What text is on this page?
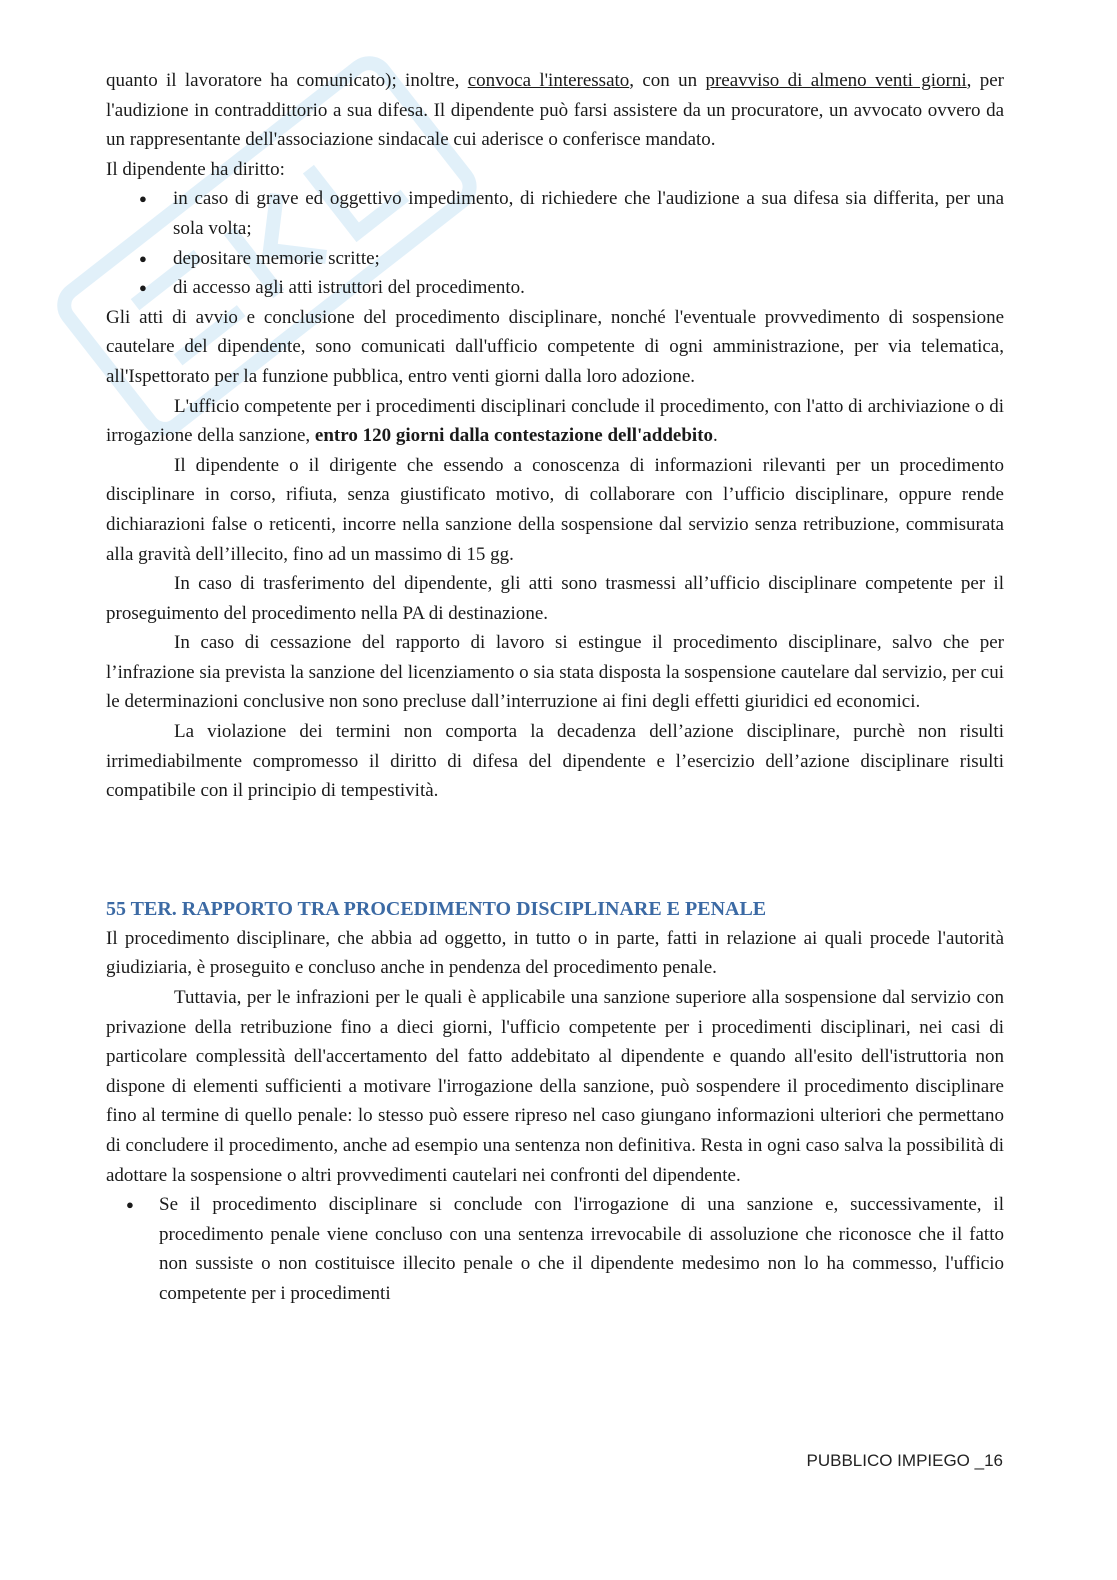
quanto il lavoratore ha comunicato); inoltre, convoca l'interessato, con un preavviso di almeno venti giorni, per l'audizione in contraddittorio a sua difesa. Il dipendente può farsi assistere da un procuratore, un avvocato ovvero da un rappresentante dell'associazione sindacale cui aderisce o conferisce mandato.

Il dipendente ha diritto:

● in caso di grave ed oggettivo impedimento, di richiedere che l'audizione a sua difesa sia differita, per una sola volta;
● depositare memorie scritte;
● di accesso agli atti istruttori del procedimento.

Gli atti di avvio e conclusione del procedimento disciplinare, nonché l'eventuale provvedimento di sospensione cautelare del dipendente, sono comunicati dall'ufficio competente di ogni amministrazione, per via telematica, all'Ispettorato per la funzione pubblica, entro venti giorni dalla loro adozione.

L'ufficio competente per i procedimenti disciplinari conclude il procedimento, con l'atto di archiviazione o di irrogazione della sanzione, entro 120 giorni dalla contestazione dell'addebito.

Il dipendente o il dirigente che essendo a conoscenza di informazioni rilevanti per un procedimento disciplinare in corso, rifiuta, senza giustificato motivo, di collaborare con l’ufficio disciplinare, oppure rende dichiarazioni false o reticenti, incorre nella sanzione della sospensione dal servizio senza retribuzione, commisurata alla gravità dell’illecito, fino ad un massimo di 15 gg.

In caso di trasferimento del dipendente, gli atti sono trasmessi all’ufficio disciplinare competente per il proseguimento del procedimento nella PA di destinazione.

In caso di cessazione del rapporto di lavoro si estingue il procedimento disciplinare, salvo che per l’infrazione sia prevista la sanzione del licenziamento o sia stata disposta la sospensione cautelare dal servizio, per cui le determinazioni conclusive non sono precluse dall’interruzione ai fini degli effetti giuridici ed economici.

La violazione dei termini non comporta la decadenza dell’azione disciplinare, purchè non risulti irrimediabilmente compromesso il diritto di difesa del dipendente e l’esercizio dell’azione disciplinare risulti compatibile con il principio di tempestività.

55 TER. RAPPORTO TRA PROCEDIMENTO DISCIPLINARE E PENALE

Il procedimento disciplinare, che abbia ad oggetto, in tutto o in parte, fatti in relazione ai quali procede l'autorità giudiziaria, è proseguito e concluso anche in pendenza del procedimento penale.

Tuttavia, per le infrazioni per le quali è applicabile una sanzione superiore alla sospensione dal servizio con privazione della retribuzione fino a dieci giorni, l'ufficio competente per i procedimenti disciplinari, nei casi di particolare complessità dell'accertamento del fatto addebitato al dipendente e quando all'esito dell'istruttoria non dispone di elementi sufficienti a motivare l'irrogazione della sanzione, può sospendere il procedimento disciplinare fino al termine di quello penale: lo stesso può essere ripreso nel caso giungano informazioni ulteriori che permettano di concludere il procedimento, anche ad esempio una sentenza non definitiva. Resta in ogni caso salva la possibilità di adottare la sospensione o altri provvedimenti cautelari nei confronti del dipendente.

● Se il procedimento disciplinare si conclude con l'irrogazione di una sanzione e, successivamente, il procedimento penale viene concluso con una sentenza irrevocabile di assoluzione che riconosce che il fatto non sussiste o non costituisce illecito penale o che il dipendente medesimo non lo ha commesso, l'ufficio competente per i procedimenti
PUBBLICO IMPIEGO _16
